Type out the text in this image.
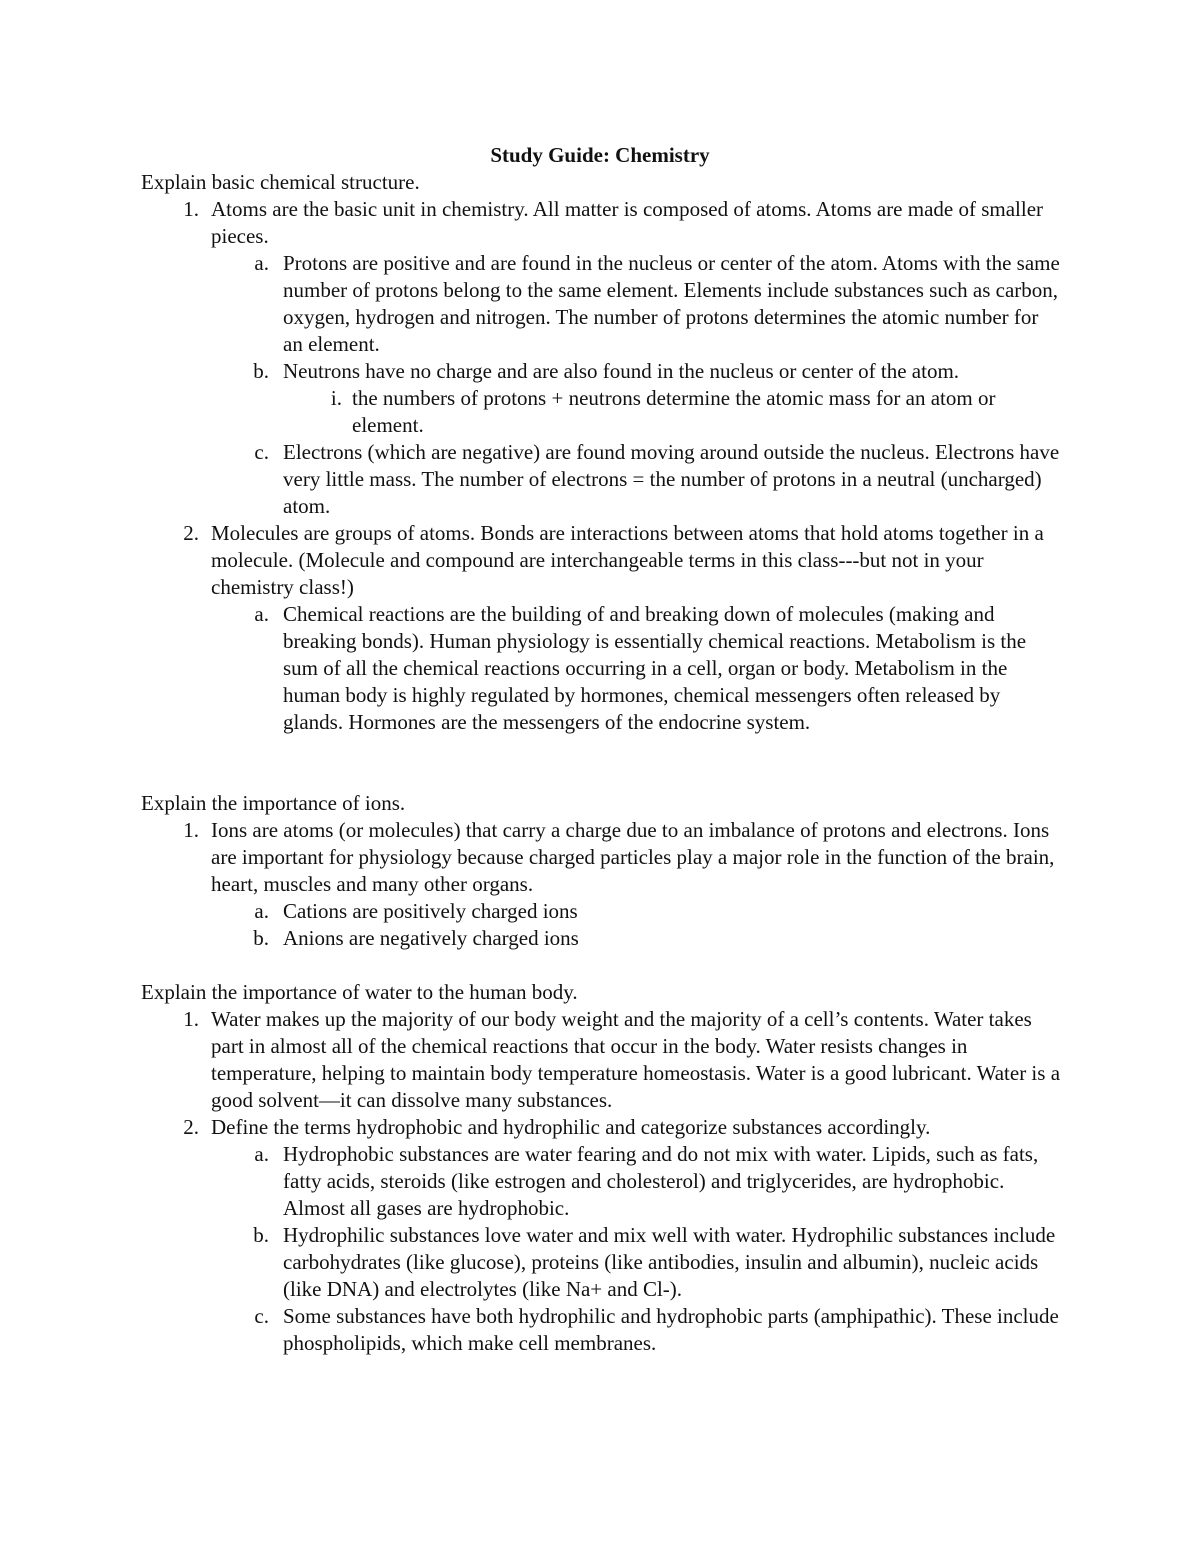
Study Guide: Chemistry
Explain basic chemical structure.
1. Atoms are the basic unit in chemistry. All matter is composed of atoms. Atoms are made of smaller pieces.
a. Protons are positive and are found in the nucleus or center of the atom. Atoms with the same number of protons belong to the same element. Elements include substances such as carbon, oxygen, hydrogen and nitrogen. The number of protons determines the atomic number for an element.
b. Neutrons have no charge and are also found in the nucleus or center of the atom.
i. the numbers of protons + neutrons determine the atomic mass for an atom or element.
c. Electrons (which are negative) are found moving around outside the nucleus. Electrons have very little mass. The number of electrons = the number of protons in a neutral (uncharged) atom.
2. Molecules are groups of atoms. Bonds are interactions between atoms that hold atoms together in a molecule. (Molecule and compound are interchangeable terms in this class---but not in your chemistry class!)
a. Chemical reactions are the building of and breaking down of molecules (making and breaking bonds). Human physiology is essentially chemical reactions. Metabolism is the sum of all the chemical reactions occurring in a cell, organ or body. Metabolism in the human body is highly regulated by hormones, chemical messengers often released by glands. Hormones are the messengers of the endocrine system.
Explain the importance of ions.
1. Ions are atoms (or molecules) that carry a charge due to an imbalance of protons and electrons. Ions are important for physiology because charged particles play a major role in the function of the brain, heart, muscles and many other organs.
a. Cations are positively charged ions
b. Anions are negatively charged ions
Explain the importance of water to the human body.
1. Water makes up the majority of our body weight and the majority of a cell’s contents. Water takes part in almost all of the chemical reactions that occur in the body. Water resists changes in temperature, helping to maintain body temperature homeostasis. Water is a good lubricant. Water is a good solvent—it can dissolve many substances.
2. Define the terms hydrophobic and hydrophilic and categorize substances accordingly.
a. Hydrophobic substances are water fearing and do not mix with water. Lipids, such as fats, fatty acids, steroids (like estrogen and cholesterol) and triglycerides, are hydrophobic. Almost all gases are hydrophobic.
b. Hydrophilic substances love water and mix well with water. Hydrophilic substances include carbohydrates (like glucose), proteins (like antibodies, insulin and albumin), nucleic acids (like DNA) and electrolytes (like Na+ and Cl-).
c. Some substances have both hydrophilic and hydrophobic parts (amphipathic). These include phospholipids, which make cell membranes.
